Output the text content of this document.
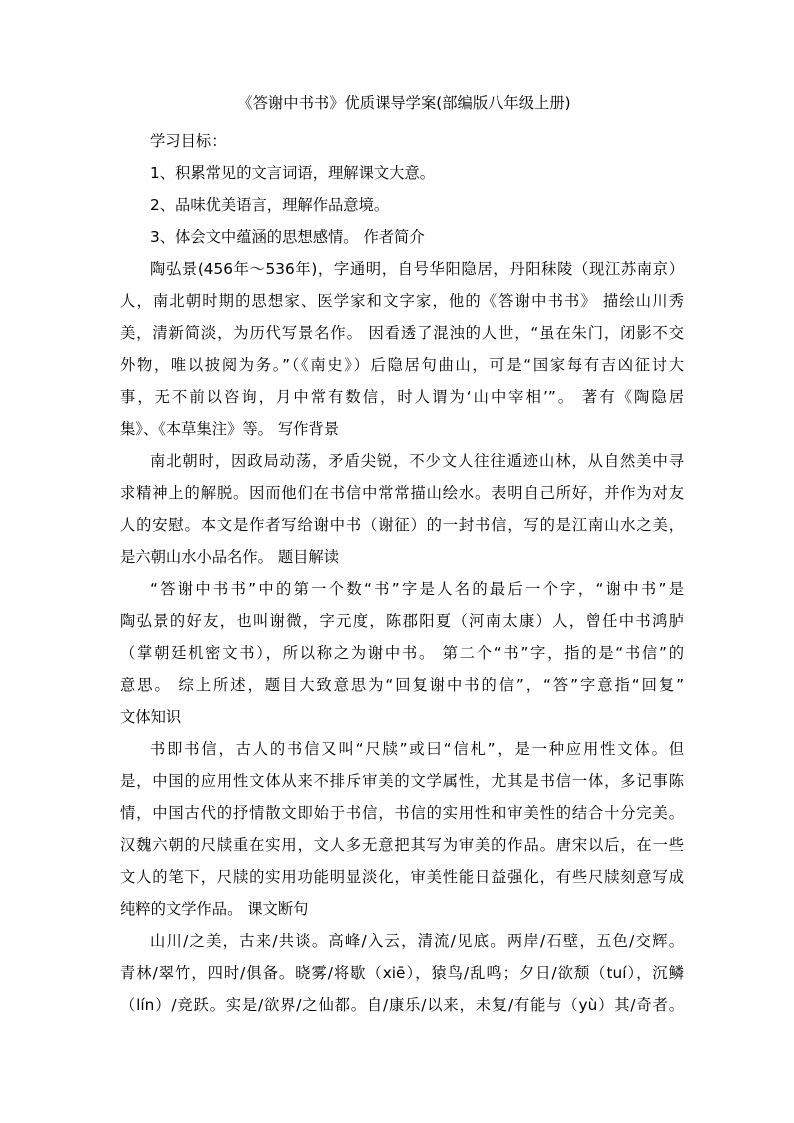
《答谢中书书》优质课导学案(部编版八年级上册)

学习目标：

1、积累常见的文言词语，理解课文大意。

2、品味优美语言，理解作品意境。

3、体会文中蕴涵的思想感情。 作者简介

陶弘景(456年～536年)，字通明，自号华阳隐居，丹阳秣陵（现江苏南京）
人，南北朝时期的思想家、医学家和文字家，他的《答谢中书书》 描绘山川秀
美，清新简淡，为历代写景名作。 因看透了混浊的人世，“虽在朱门，闭影不交
外物，唯以披阅为务。”（《南史》）后隐居句曲山，可是“国家每有吉凶征讨大
事，无不前以咨询，月中常有数信，时人谓为‘山中宰相’”。 著有《陶隐居
集》、《本草集注》等。 写作背景

南北朝时，因政局动荡，矛盾尖锐，不少文人往往遁迹山林，从自然美中寻
求精神上的解脱。因而他们在书信中常常描山绘水。表明自己所好，并作为对友
人的安慰。本文是作者写给谢中书（谢征）的一封书信，写的是江南山水之美，
是六朝山水小品名作。 题目解读

“答谢中书书”中的第一个数“书”字是人名的最后一个字，“谢中书”是
陶弘景的好友，也叫谢微，字元度，陈郡阳夏（河南太康）人，曾任中书鸿胪
（掌朝廷机密文书），所以称之为谢中书。 第二个“书”字，指的是“书信”的
意思。 综上所述，题目大致意思为“回复谢中书的信”，“答”字意指“回复”
文体知识

书即书信，古人的书信又叫“尺牍”或曰“信札”，是一种应用性文体。但
是，中国的应用性文体从来不排斥审美的文学属性，尤其是书信一体，多记事陈
情，中国古代的抒情散文即始于书信，书信的实用性和审美性的结合十分完美。
汉魏六朝的尺牍重在实用，文人多无意把其写为审美的作品。唐宋以后，在一些
文人的笔下，尺牍的实用功能明显淡化，审美性能日益强化，有些尺牍刻意写成
纯粹的文学作品。 课文断句

山川/之美，古来/共谈。高峰/入云，清流/见底。两岸/石壁，五色/交辉。
青林/翠竹，四时/俱备。晓雾/将歇（xiē），猿鸟/乱鸣；夕日/欲颓（tuí），沉鳞
（lín）/竞跃。实是/欲界/之仙都。自/康乐/以来，未复/有能与（yù）其/奇者。
